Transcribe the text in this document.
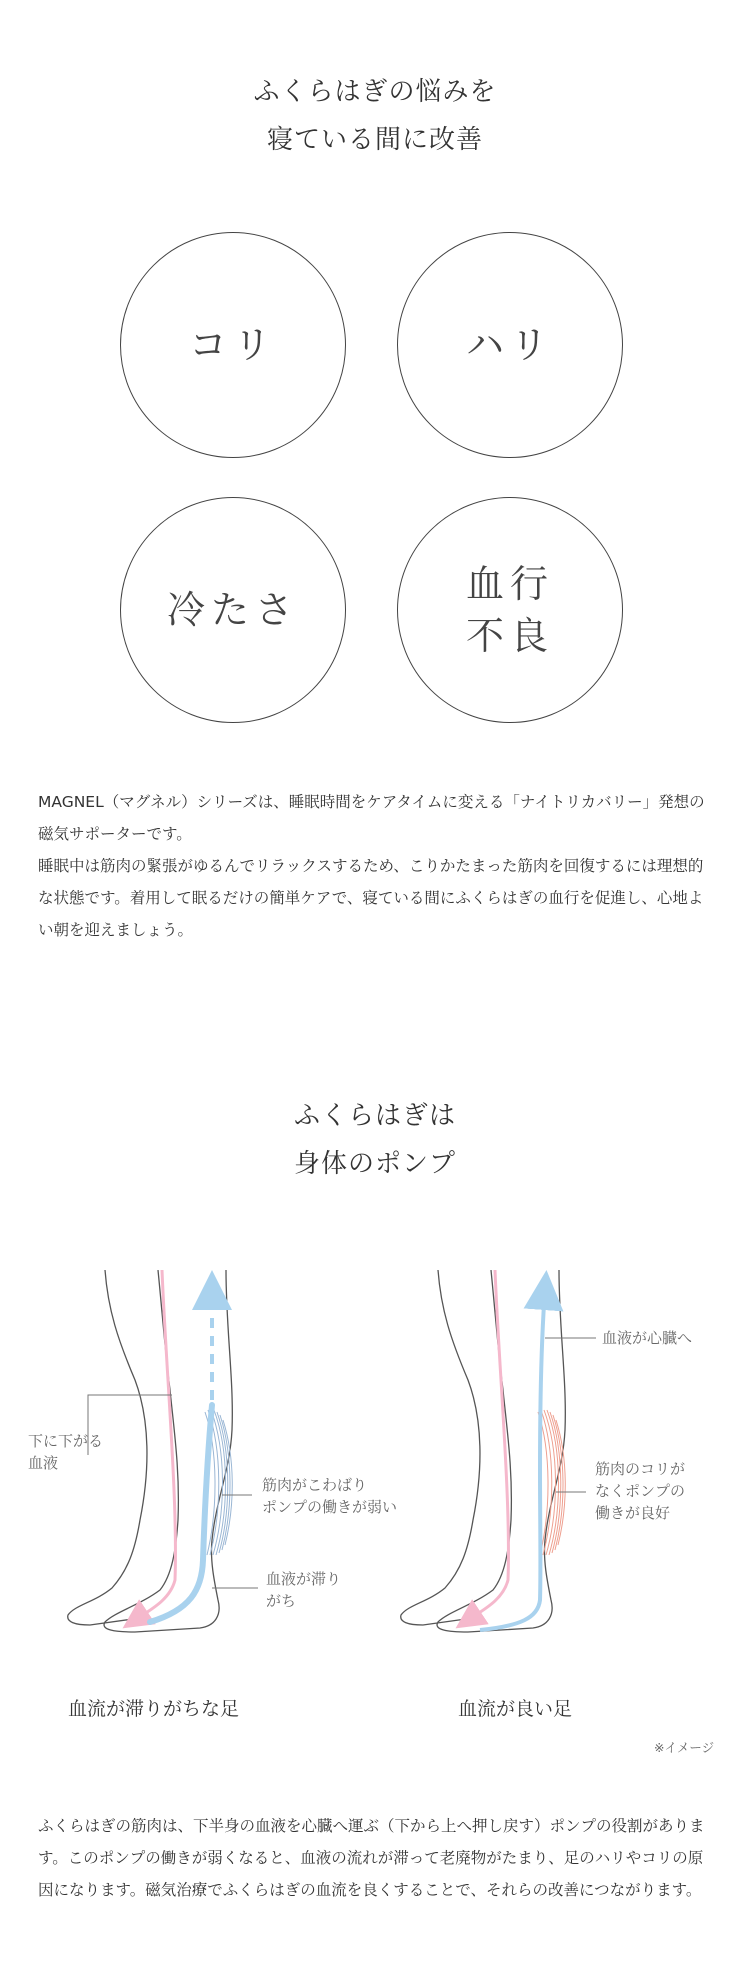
ふくらはぎの悩みを
寝ている間に改善
コリ	ハリ
冷たさ
血行
不良

MAGNEL（マグネル）シリーズは、睡眠時間をケアタイムに変える「ナイトリカバリー」発想の磁気サポーターです。

睡眠中は筋肉の緊張がゆるんでリラックスするため、こりかたまった筋肉を回復するには理想的な状態です。着用して眠るだけの簡単ケアで、寝ている間にふくらはぎの血行を促進し、心地よい朝を迎えましょう。

ふくらはぎは
身体のポンプ
下に下がる
血液
筋肉がこわばり
ポンプの働きが弱い
血液が滞り
がち
血液が心臓へ
筋肉のコリが
なくポンプの
働きが良好
血流が滞りがちな足	血流が良い足
※イメージ

ふくらはぎの筋肉は、下半身の血液を心臓へ運ぶ（下から上へ押し戻す）ポンプの役割があります。このポンプの働きが弱くなると、血液の流れが滞って老廃物がたまり、足のハリやコリの原因になります。磁気治療でふくらはぎの血流を良くすることで、それらの改善につながります。
